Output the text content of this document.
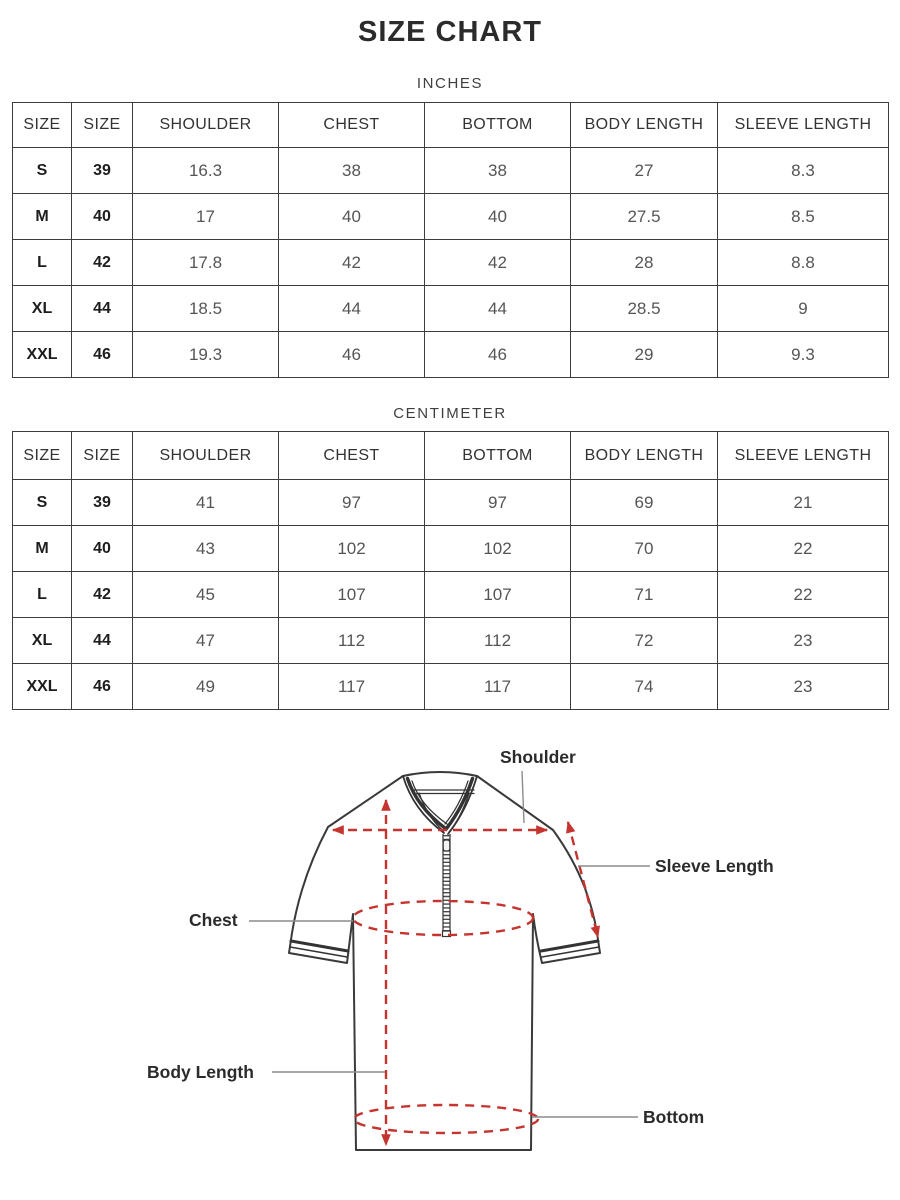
SIZE CHART
INCHES
SIZE	SIZE	SHOULDER	CHEST	BOTTOM	BODY LENGTH	SLEEVE LENGTH
S	39	16.3	38	38	27	8.3
M	40	17	40	40	27.5	8.5
L	42	17.8	42	42	28	8.8
XL	44	18.5	44	44	28.5	9
XXL	46	19.3	46	46	29	9.3
CENTIMETER
SIZE	SIZE	SHOULDER	CHEST	BOTTOM	BODY LENGTH	SLEEVE LENGTH
S	39	41	97	97	69	21
M	40	43	102	102	70	22
L	42	45	107	107	71	22
XL	44	47	112	112	72	23
XXL	46	49	117	117	74	23
Shoulder
Sleeve Length
Chest
Body Length
Bottom
